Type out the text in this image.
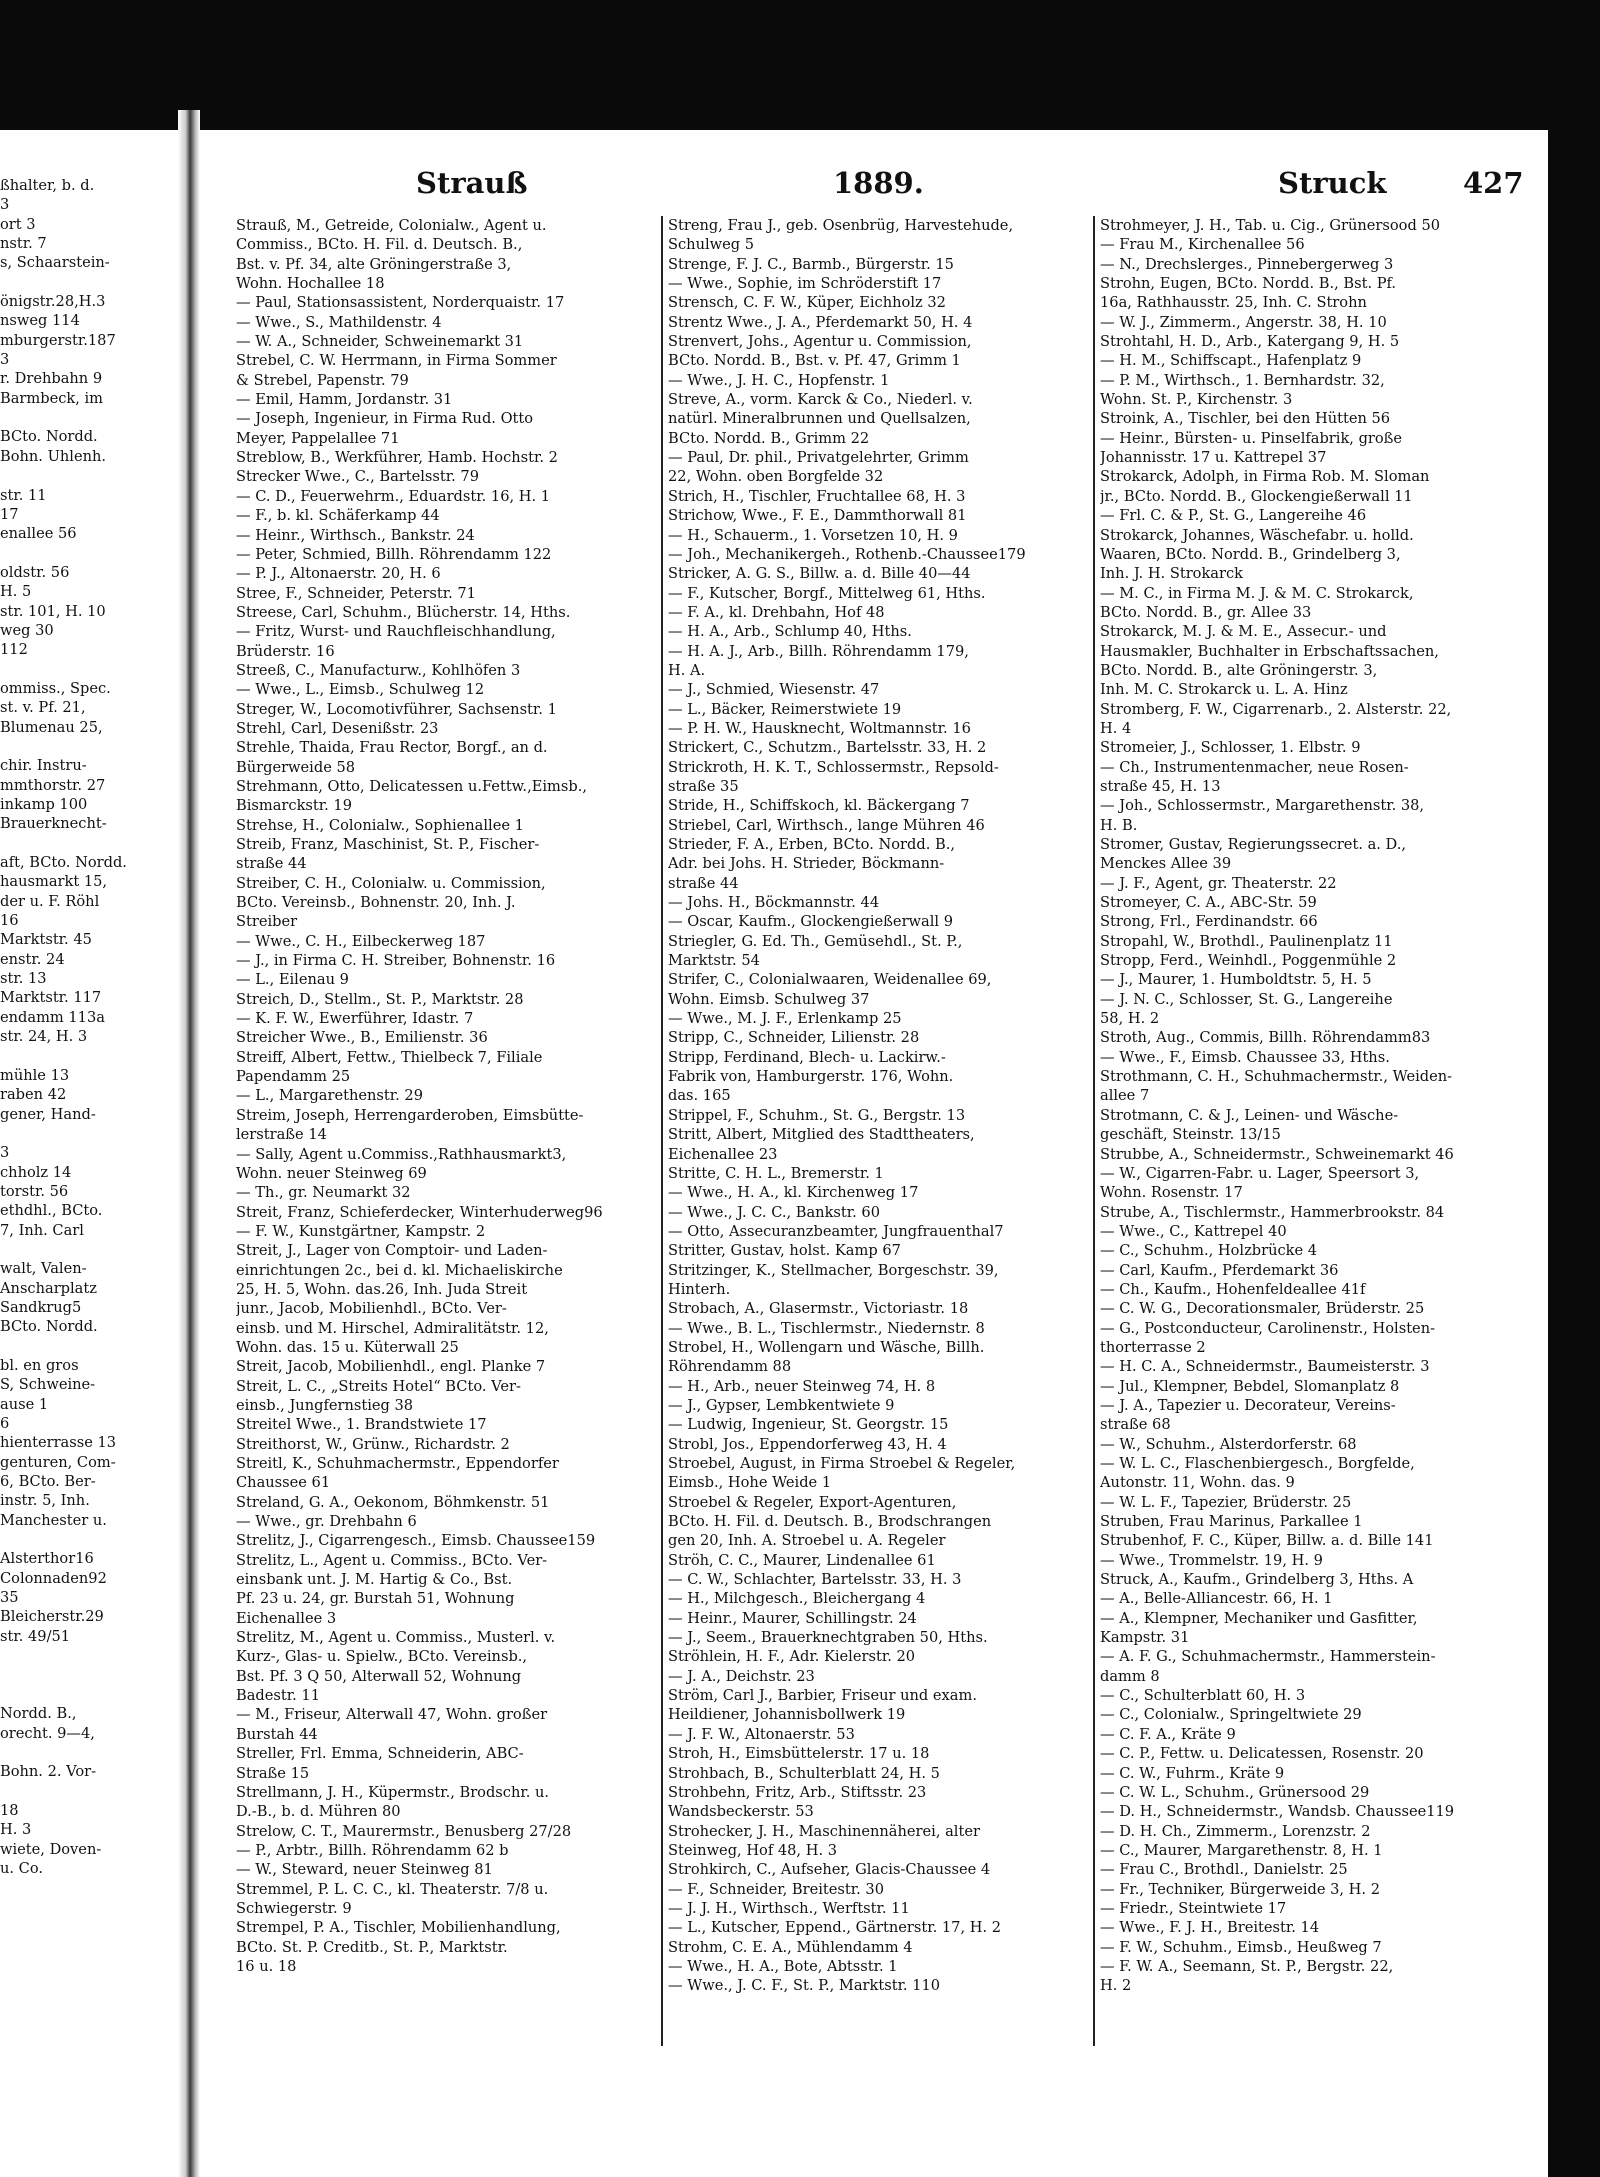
ßhalter, b. d.
3
ort 3
nstr. 7
s, Schaarstein-

önigstr.28,H.3
nsweg 114
mburgerstr.187
3
r. Drehbahn 9
Barmbeck, im

BCto. Nordd.
Bohn. Uhlenh.

str. 11
17
enallee 56

oldstr. 56
H. 5
str. 101, H. 10
weg 30
112

ommiss., Spec.
st. v. Pf. 21,
Blumenau 25,

chir. Instru-
mmthorstr. 27
inkamp 100
Brauerknecht-

aft, BCto. Nordd.
hausmarkt 15,
der u. F. Röhl
16
Marktstr. 45
enstr. 24
str. 13
Marktstr. 117
endamm 113a
str. 24, H. 3

mühle 13
raben 42
gener, Hand-

3
chholz 14
torstr. 56
ethdhl., BCto.
7, Inh. Carl

walt, Valen-
Anscharplatz
Sandkrug5
BCto. Nordd.

bl. en gros
S, Schweine-
ause 1
6
hienterrasse 13
genturen, Com-
6, BCto. Ber-
instr. 5, Inh.
Manchester u.

Alsterthor16
Colonnaden92
35
Bleicherstr.29
str. 49/51

Nordd. B.,
orecht. 9—4,

Bohn. 2. Vor-

18
H. 3
wiete, Doven-
u. Co.
Strauß	1889.	Struck	427
Strauß, M., Getreide, Colonialw., Agent u.
Commiss., BCto. H. Fil. d. Deutsch. B.,
Bst. v. Pf. 34, alte Gröningerstraße 3,
Wohn. Hochallee 18
— Paul, Stationsassistent, Norderquaistr. 17
— Wwe., S., Mathildenstr. 4
— W. A., Schneider, Schweinemarkt 31
Strebel, C. W. Herrmann, in Firma Sommer
& Strebel, Papenstr. 79
— Emil, Hamm, Jordanstr. 31
— Joseph, Ingenieur, in Firma Rud. Otto
Meyer, Pappelallee 71
Streblow, B., Werkführer, Hamb. Hochstr. 2
Strecker Wwe., C., Bartelsstr. 79
— C. D., Feuerwehrm., Eduardstr. 16, H. 1
— F., b. kl. Schäferkamp 44
— Heinr., Wirthsch., Bankstr. 24
— Peter, Schmied, Billh. Röhrendamm 122
— P. J., Altonaerstr. 20, H. 6
Stree, F., Schneider, Peterstr. 71
Streese, Carl, Schuhm., Blücherstr. 14, Hths.
— Fritz, Wurst- und Rauchfleischhandlung,
Brüderstr. 16
Streeß, C., Manufacturw., Kohlhöfen 3
— Wwe., L., Eimsb., Schulweg 12
Streger, W., Locomotivführer, Sachsenstr. 1
Strehl, Carl, Desenißstr. 23
Strehle, Thaida, Frau Rector, Borgf., an d.
Bürgerweide 58
Strehmann, Otto, Delicatessen u.Fettw.,Eimsb.,
Bismarckstr. 19
Strehse, H., Colonialw., Sophienallee 1
Streib, Franz, Maschinist, St. P., Fischer-
straße 44
Streiber, C. H., Colonialw. u. Commission,
BCto. Vereinsb., Bohnenstr. 20, Inh. J.
Streiber
— Wwe., C. H., Eilbeckerweg 187
— J., in Firma C. H. Streiber, Bohnenstr. 16
— L., Eilenau 9
Streich, D., Stellm., St. P., Marktstr. 28
— K. F. W., Ewerführer, Idastr. 7
Streicher Wwe., B., Emilienstr. 36
Streiff, Albert, Fettw., Thielbeck 7, Filiale
Papendamm 25
— L., Margarethenstr. 29
Streim, Joseph, Herrengarderoben, Eimsbütte-
lerstraße 14
— Sally, Agent u.Commiss.,Rathhausmarkt3,
Wohn. neuer Steinweg 69
— Th., gr. Neumarkt 32
Streit, Franz, Schieferdecker, Winterhuderweg96
— F. W., Kunstgärtner, Kampstr. 2
Streit, J., Lager von Comptoir- und Laden-
einrichtungen 2c., bei d. kl. Michaeliskirche
25, H. 5, Wohn. das.26, Inh. Juda Streit
junr., Jacob, Mobilienhdl., BCto. Ver-
einsb. und M. Hirschel, Admiralitätstr. 12,
Wohn. das. 15 u. Küterwall 25
Streit, Jacob, Mobilienhdl., engl. Planke 7
Streit, L. C., „Streits Hotel“ BCto. Ver-
einsb., Jungfernstieg 38
Streitel Wwe., 1. Brandstwiete 17
Streithorst, W., Grünw., Richardstr. 2
Streitl, K., Schuhmachermstr., Eppendorfer
Chaussee 61
Streland, G. A., Oekonom, Böhmkenstr. 51
— Wwe., gr. Drehbahn 6
Strelitz, J., Cigarrengesch., Eimsb. Chaussee159
Strelitz, L., Agent u. Commiss., BCto. Ver-
einsbank unt. J. M. Hartig & Co., Bst.
Pf. 23 u. 24, gr. Burstah 51, Wohnung
Eichenallee 3
Strelitz, M., Agent u. Commiss., Musterl. v.
Kurz-, Glas- u. Spielw., BCto. Vereinsb.,
Bst. Pf. 3 Q 50, Alterwall 52, Wohnung
Badestr. 11
— M., Friseur, Alterwall 47, Wohn. großer
Burstah 44
Streller, Frl. Emma, Schneiderin, ABC-
Straße 15
Strellmann, J. H., Küpermstr., Brodschr. u.
D.-B., b. d. Mühren 80
Strelow, C. T., Maurermstr., Benusberg 27/28
— P., Arbtr., Billh. Röhrendamm 62 b
— W., Steward, neuer Steinweg 81
Stremmel, P. L. C. C., kl. Theaterstr. 7/8 u.
Schwiegerstr. 9
Strempel, P. A., Tischler, Mobilienhandlung,
BCto. St. P. Creditb., St. P., Marktstr.
16 u. 18
Streng, Frau J., geb. Osenbrüg, Harvestehude,
Schulweg 5
Strenge, F. J. C., Barmb., Bürgerstr. 15
— Wwe., Sophie, im Schröderstift 17
Strensch, C. F. W., Küper, Eichholz 32
Strentz Wwe., J. A., Pferdemarkt 50, H. 4
Strenvert, Johs., Agentur u. Commission,
BCto. Nordd. B., Bst. v. Pf. 47, Grimm 1
— Wwe., J. H. C., Hopfenstr. 1
Streve, A., vorm. Karck & Co., Niederl. v.
natürl. Mineralbrunnen und Quellsalzen,
BCto. Nordd. B., Grimm 22
— Paul, Dr. phil., Privatgelehrter, Grimm
22, Wohn. oben Borgfelde 32
Strich, H., Tischler, Fruchtallee 68, H. 3
Strichow, Wwe., F. E., Dammthorwall 81
— H., Schauerm., 1. Vorsetzen 10, H. 9
— Joh., Mechanikergeh., Rothenb.-Chaussee179
Stricker, A. G. S., Billw. a. d. Bille 40—44
— F., Kutscher, Borgf., Mittelweg 61, Hths.
— F. A., kl. Drehbahn, Hof 48
— H. A., Arb., Schlump 40, Hths.
— H. A. J., Arb., Billh. Röhrendamm 179,
H. A.
— J., Schmied, Wiesenstr. 47
— L., Bäcker, Reimerstwiete 19
— P. H. W., Hausknecht, Woltmannstr. 16
Strickert, C., Schutzm., Bartelsstr. 33, H. 2
Strickroth, H. K. T., Schlossermstr., Repsold-
straße 35
Stride, H., Schiffskoch, kl. Bäckergang 7
Striebel, Carl, Wirthsch., lange Mühren 46
Strieder, F. A., Erben, BCto. Nordd. B.,
Adr. bei Johs. H. Strieder, Böckmann-
straße 44
— Johs. H., Böckmannstr. 44
— Oscar, Kaufm., Glockengießerwall 9
Striegler, G. Ed. Th., Gemüsehdl., St. P.,
Marktstr. 54
Strifer, C., Colonialwaaren, Weidenallee 69,
Wohn. Eimsb. Schulweg 37
— Wwe., M. J. F., Erlenkamp 25
Stripp, C., Schneider, Lilienstr. 28
Stripp, Ferdinand, Blech- u. Lackirw.-
Fabrik von, Hamburgerstr. 176, Wohn.
das. 165
Strippel, F., Schuhm., St. G., Bergstr. 13
Stritt, Albert, Mitglied des Stadttheaters,
Eichenallee 23
Stritte, C. H. L., Bremerstr. 1
— Wwe., H. A., kl. Kirchenweg 17
— Wwe., J. C. C., Bankstr. 60
— Otto, Assecuranzbeamter, Jungfrauenthal7
Stritter, Gustav, holst. Kamp 67
Stritzinger, K., Stellmacher, Borgeschstr. 39,
Hinterh.
Strobach, A., Glasermstr., Victoriastr. 18
— Wwe., B. L., Tischlermstr., Niedernstr. 8
Strobel, H., Wollengarn und Wäsche, Billh.
Röhrendamm 88
— H., Arb., neuer Steinweg 74, H. 8
— J., Gypser, Lembkentwiete 9
— Ludwig, Ingenieur, St. Georgstr. 15
Strobl, Jos., Eppendorferweg 43, H. 4
Stroebel, August, in Firma Stroebel & Regeler,
Eimsb., Hohe Weide 1
Stroebel & Regeler, Export-Agenturen,
BCto. H. Fil. d. Deutsch. B., Brodschrangen
gen 20, Inh. A. Stroebel u. A. Regeler
Ströh, C. C., Maurer, Lindenallee 61
— C. W., Schlachter, Bartelsstr. 33, H. 3
— H., Milchgesch., Bleichergang 4
— Heinr., Maurer, Schillingstr. 24
— J., Seem., Brauerknechtgraben 50, Hths.
Ströhlein, H. F., Adr. Kielerstr. 20
— J. A., Deichstr. 23
Ström, Carl J., Barbier, Friseur und exam.
Heildiener, Johannisbollwerk 19
— J. F. W., Altonaerstr. 53
Stroh, H., Eimsbüttelerstr. 17 u. 18
Strohbach, B., Schulterblatt 24, H. 5
Strohbehn, Fritz, Arb., Stiftsstr. 23
Wandsbeckerstr. 53
Strohecker, J. H., Maschinennäherei, alter
Steinweg, Hof 48, H. 3
Strohkirch, C., Aufseher, Glacis-Chaussee 4
— F., Schneider, Breitestr. 30
— J. J. H., Wirthsch., Werftstr. 11
— L., Kutscher, Eppend., Gärtnerstr. 17, H. 2
Strohm, C. E. A., Mühlendamm 4
— Wwe., H. A., Bote, Abtsstr. 1
— Wwe., J. C. F., St. P., Marktstr. 110
Strohmeyer, J. H., Tab. u. Cig., Grünersood 50
— Frau M., Kirchenallee 56
— N., Drechslerges., Pinnebergerweg 3
Strohn, Eugen, BCto. Nordd. B., Bst. Pf.
16a, Rathhausstr. 25, Inh. C. Strohn
— W. J., Zimmerm., Angerstr. 38, H. 10
Strohtahl, H. D., Arb., Katergang 9, H. 5
— H. M., Schiffscapt., Hafenplatz 9
— P. M., Wirthsch., 1. Bernhardstr. 32,
Wohn. St. P., Kirchenstr. 3
Stroink, A., Tischler, bei den Hütten 56
— Heinr., Bürsten- u. Pinselfabrik, große
Johannisstr. 17 u. Kattrepel 37
Strokarck, Adolph, in Firma Rob. M. Sloman
jr., BCto. Nordd. B., Glockengießerwall 11
— Frl. C. & P., St. G., Langereihe 46
Strokarck, Johannes, Wäschefabr. u. holld.
Waaren, BCto. Nordd. B., Grindelberg 3,
Inh. J. H. Strokarck
— M. C., in Firma M. J. & M. C. Strokarck,
BCto. Nordd. B., gr. Allee 33
Strokarck, M. J. & M. E., Assecur.- und
Hausmakler, Buchhalter in Erbschaftssachen,
BCto. Nordd. B., alte Gröningerstr. 3,
Inh. M. C. Strokarck u. L. A. Hinz
Stromberg, F. W., Cigarrenarb., 2. Alsterstr. 22,
H. 4
Stromeier, J., Schlosser, 1. Elbstr. 9
— Ch., Instrumentenmacher, neue Rosen-
straße 45, H. 13
— Joh., Schlossermstr., Margarethenstr. 38,
H. B.
Stromer, Gustav, Regierungssecret. a. D.,
Menckes Allee 39
— J. F., Agent, gr. Theaterstr. 22
Stromeyer, C. A., ABC-Str. 59
Strong, Frl., Ferdinandstr. 66
Stropahl, W., Brothdl., Paulinenplatz 11
Stropp, Ferd., Weinhdl., Poggenmühle 2
— J., Maurer, 1. Humboldtstr. 5, H. 5
— J. N. C., Schlosser, St. G., Langereihe
58, H. 2
Stroth, Aug., Commis, Billh. Röhrendamm83
— Wwe., F., Eimsb. Chaussee 33, Hths.
Strothmann, C. H., Schuhmachermstr., Weiden-
allee 7
Strotmann, C. & J., Leinen- und Wäsche-
geschäft, Steinstr. 13/15
Strubbe, A., Schneidermstr., Schweinemarkt 46
— W., Cigarren-Fabr. u. Lager, Speersort 3,
Wohn. Rosenstr. 17
Strube, A., Tischlermstr., Hammerbrookstr. 84
— Wwe., C., Kattrepel 40
— C., Schuhm., Holzbrücke 4
— Carl, Kaufm., Pferdemarkt 36
— Ch., Kaufm., Hohenfeldeallee 41f
— C. W. G., Decorationsmaler, Brüderstr. 25
— G., Postconducteur, Carolinenstr., Holsten-
thorterrasse 2
— H. C. A., Schneidermstr., Baumeisterstr. 3
— Jul., Klempner, Bebdel, Slomanplatz 8
— J. A., Tapezier u. Decorateur, Vereins-
straße 68
— W., Schuhm., Alsterdorferstr. 68
— W. L. C., Flaschenbiergesch., Borgfelde,
Autonstr. 11, Wohn. das. 9
— W. L. F., Tapezier, Brüderstr. 25
Struben, Frau Marinus, Parkallee 1
Strubenhof, F. C., Küper, Billw. a. d. Bille 141
— Wwe., Trommelstr. 19, H. 9
Struck, A., Kaufm., Grindelberg 3, Hths. A
— A., Belle-Alliancestr. 66, H. 1
— A., Klempner, Mechaniker und Gasfitter,
Kampstr. 31
— A. F. G., Schuhmachermstr., Hammerstein-
damm 8
— C., Schulterblatt 60, H. 3
— C., Colonialw., Springeltwiete 29
— C. F. A., Kräte 9
— C. P., Fettw. u. Delicatessen, Rosenstr. 20
— C. W., Fuhrm., Kräte 9
— C. W. L., Schuhm., Grünersood 29
— D. H., Schneidermstr., Wandsb. Chaussee119
— D. H. Ch., Zimmerm., Lorenzstr. 2
— C., Maurer, Margarethenstr. 8, H. 1
— Frau C., Brothdl., Danielstr. 25
— Fr., Techniker, Bürgerweide 3, H. 2
— Friedr., Steintwiete 17
— Wwe., F. J. H., Breitestr. 14
— F. W., Schuhm., Eimsb., Heußweg 7
— F. W. A., Seemann, St. P., Bergstr. 22,
H. 2
